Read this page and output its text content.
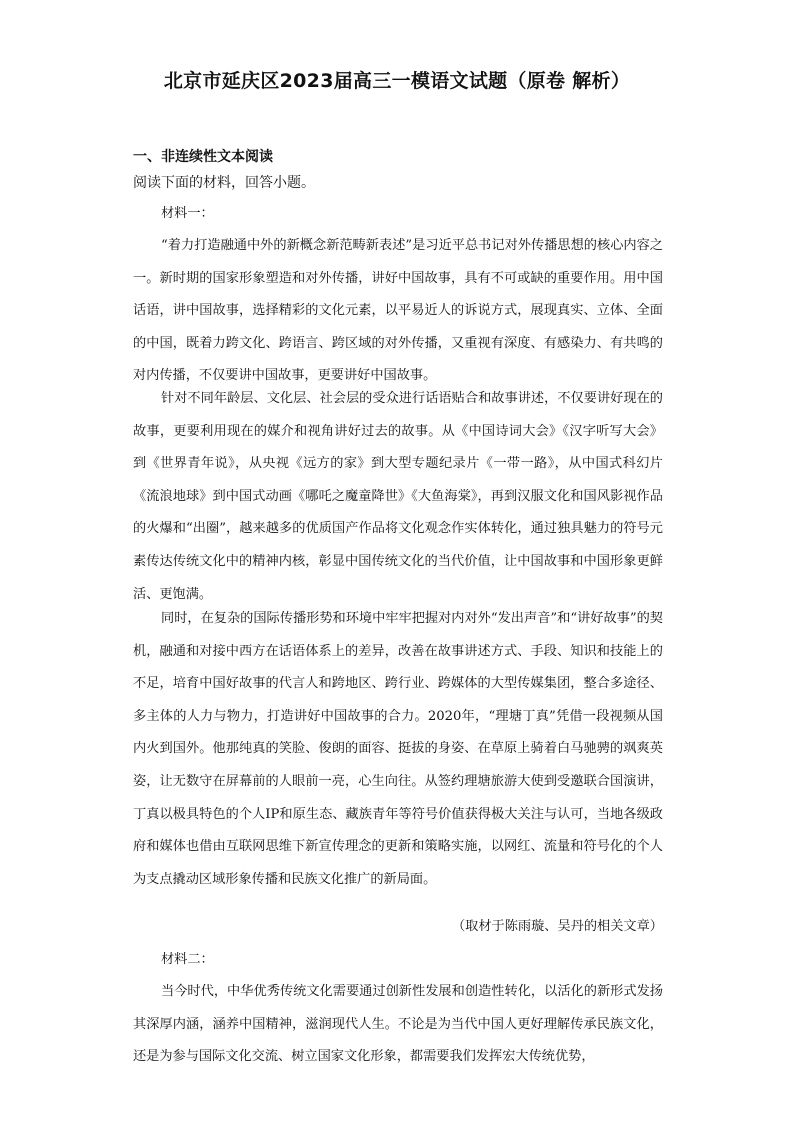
北京市延庆区2023届高三一模语文试题（原卷 解析）
一、非连续性文本阅读

阅读下面的材料，回答小题。

材料一：

“着力打造融通中外的新概念新范畴新表述”是习近平总书记对外传播思想的核心内容之一。新时期的国家形象塑造和对外传播，讲好中国故事，具有不可或缺的重要作用。用中国话语，讲中国故事，选择精彩的文化元素，以平易近人的诉说方式，展现真实、立体、全面的中国，既着力跨文化、跨语言、跨区域的对外传播，又重视有深度、有感染力、有共鸣的对内传播，不仅要讲中国故事，更要讲好中国故事。

针对不同年龄层、文化层、社会层的受众进行话语贴合和故事讲述，不仅要讲好现在的故事，更要利用现在的媒介和视角讲好过去的故事。从《中国诗词大会》《汉字听写大会》到《世界青年说》，从央视《远方的家》到大型专题纪录片《一带一路》，从中国式科幻片《流浪地球》到中国式动画《哪吒之魔童降世》《大鱼海棠》，再到汉服文化和国风影视作品的火爆和“出圈”，越来越多的优质国产作品将文化观念作实体转化，通过独具魅力的符号元素传达传统文化中的精神内核，彰显中国传统文化的当代价值，让中国故事和中国形象更鲜活、更饱满。

同时，在复杂的国际传播形势和环境中牢牢把握对内对外“发出声音”和“讲好故事”的契机，融通和对接中西方在话语体系上的差异，改善在故事讲述方式、手段、知识和技能上的不足，培育中国好故事的代言人和跨地区、跨行业、跨媒体的大型传媒集团，整合多途径、多主体的人力与物力，打造讲好中国故事的合力。2020年，“理塘丁真”凭借一段视频从国内火到国外。他那纯真的笑脸、俊朗的面容、挺拔的身姿、在草原上骑着白马驰骋的飒爽英姿，让无数守在屏幕前的人眼前一亮，心生向往。从签约理塘旅游大使到受邀联合国演讲，丁真以极具特色的个人IP和原生态、藏族青年等符号价值获得极大关注与认可，当地各级政府和媒体也借由互联网思维下新宣传理念的更新和策略实施，以网红、流量和符号化的个人为支点撬动区域形象传播和民族文化推广的新局面。

（取材于陈雨璇、吴丹的相关文章）

材料二：

当今时代，中华优秀传统文化需要通过创新性发展和创造性转化，以活化的新形式发扬其深厚内涵，涵养中国精神，滋润现代人生。不论是为当代中国人更好理解传承民族文化，还是为参与国际文化交流、树立国家文化形象，都需要我们发挥宏大传统优势，
